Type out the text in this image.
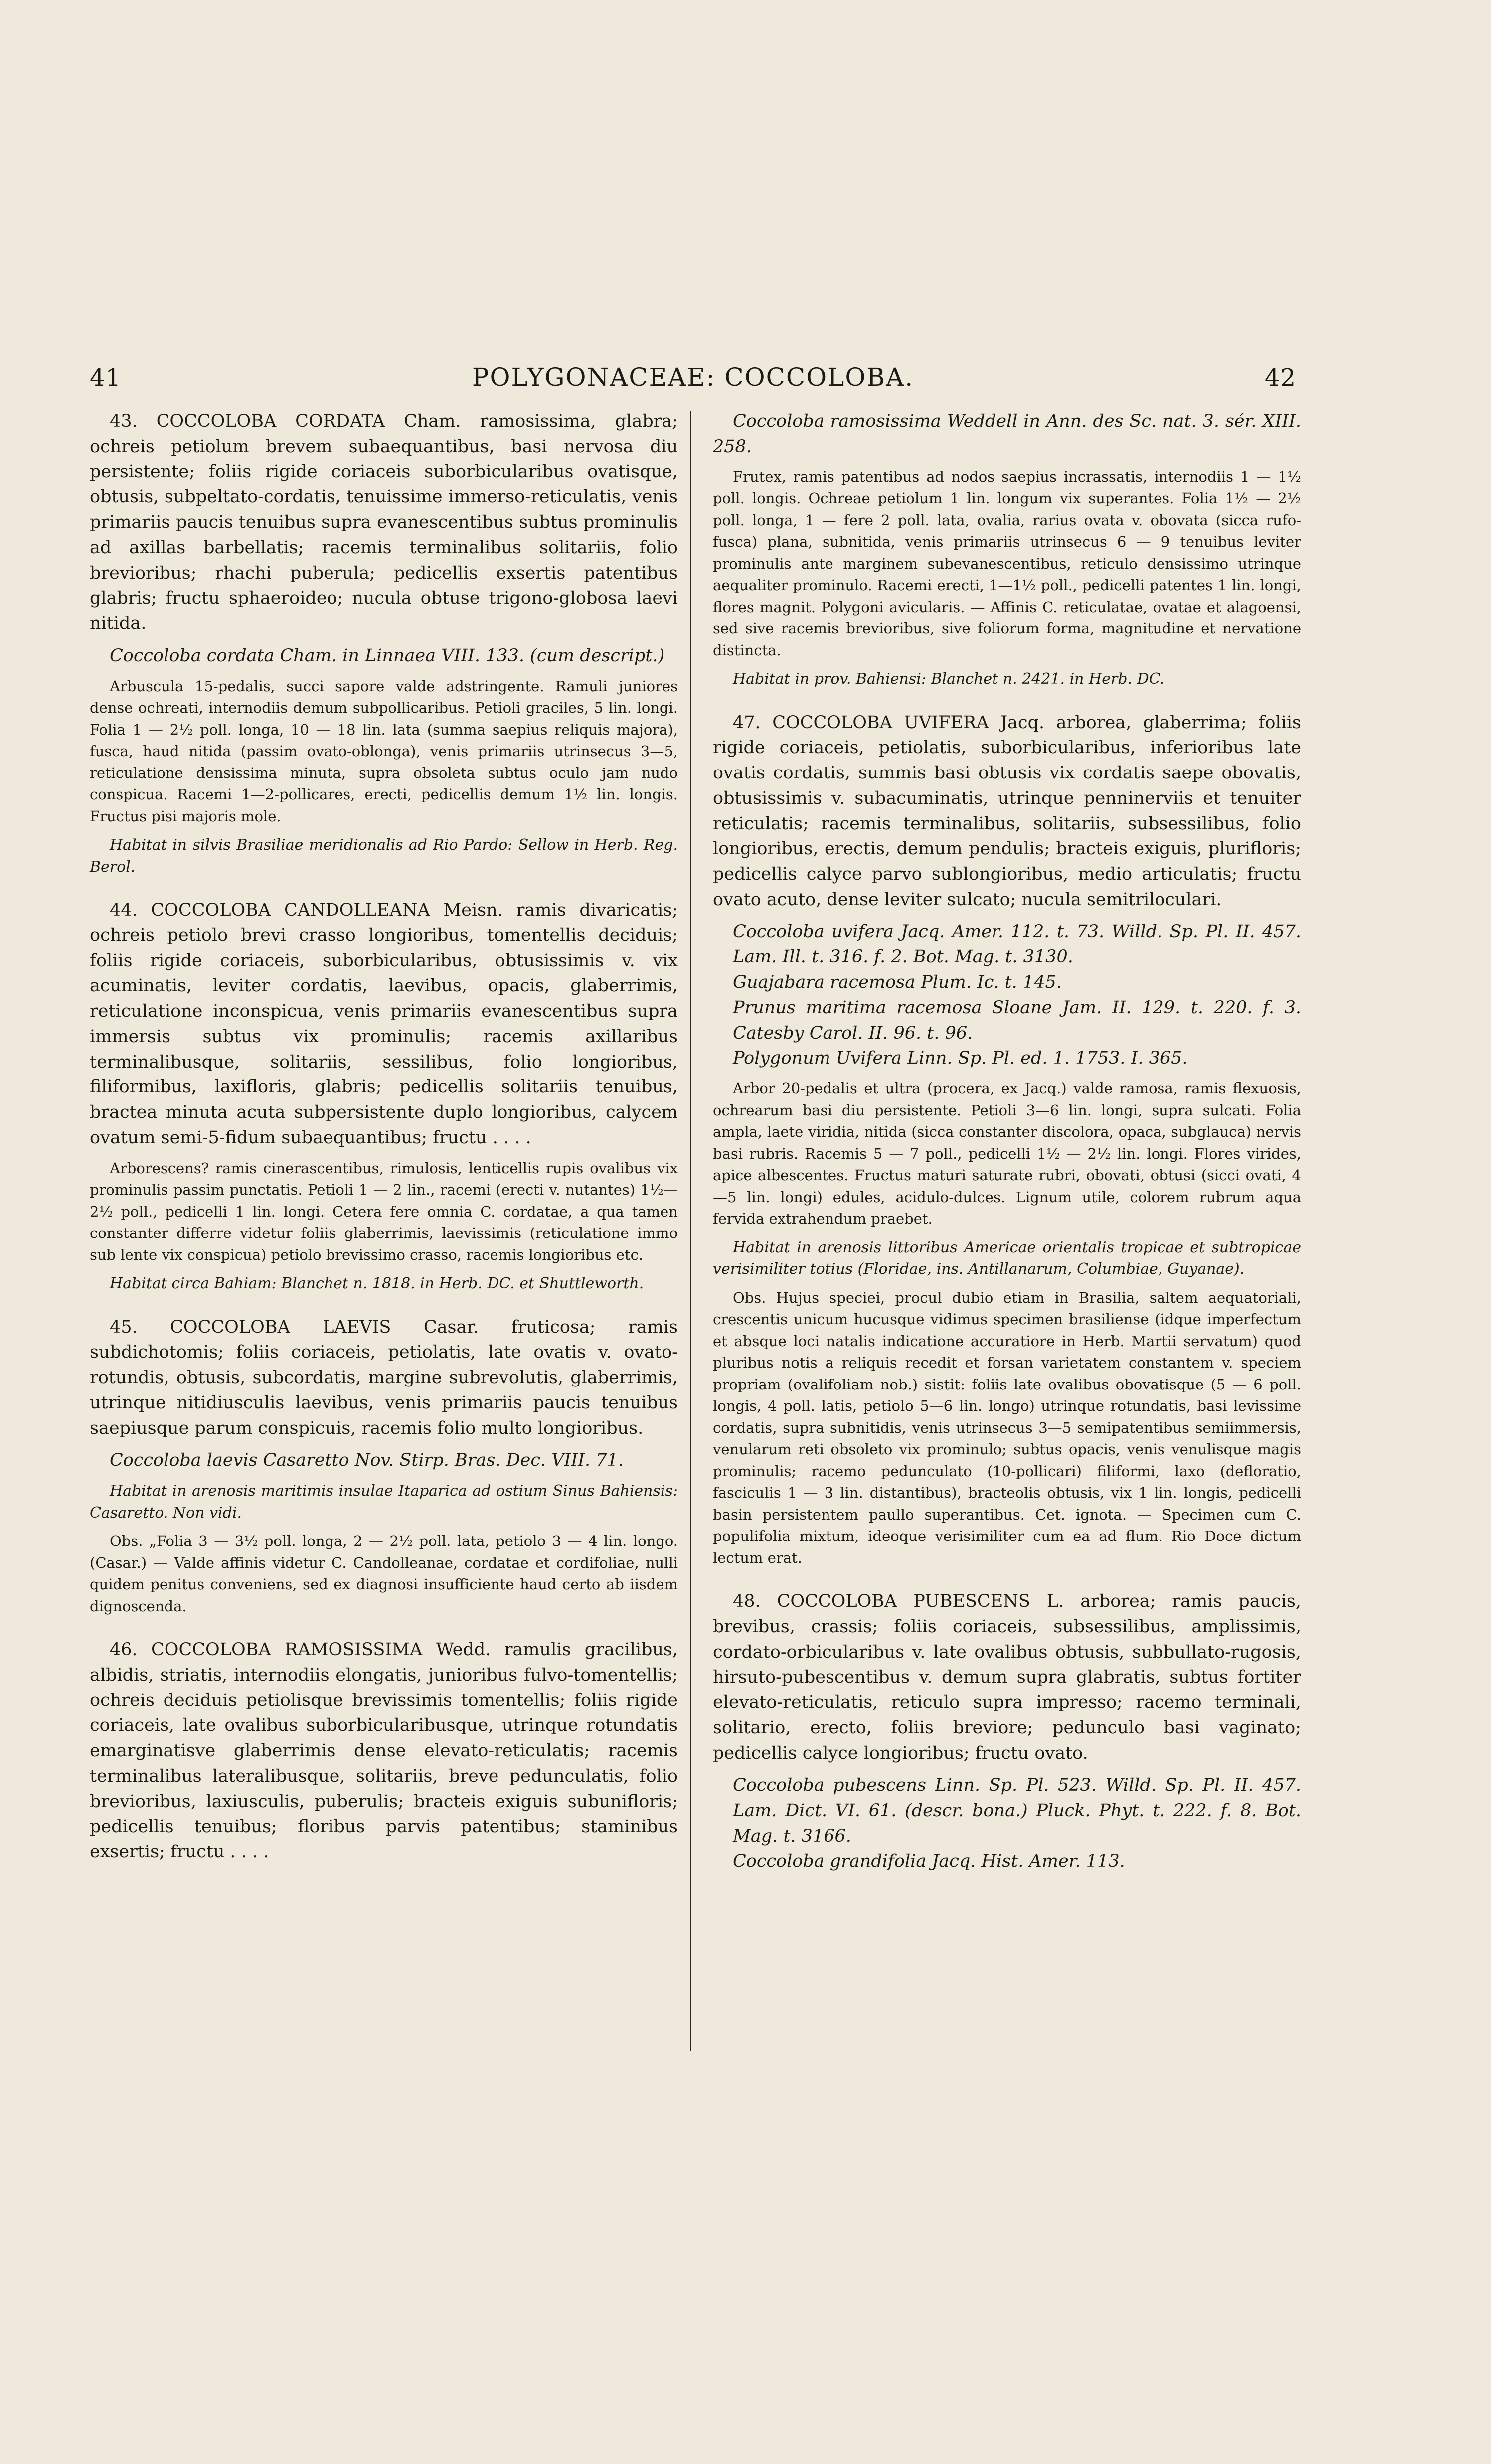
41	POLYGONACEAE: COCCOLOBA.	42

43. COCCOLOBA CORDATA Cham. ramosissima, glabra; ochreis petiolum brevem subaequantibus, basi nervosa diu persistente; foliis rigide coriaceis suborbicularibus ovatisque, obtusis, subpeltato-cordatis, tenuissime immerso-reticulatis, venis primariis paucis tenuibus supra evanescentibus subtus prominulis ad axillas barbellatis; racemis terminalibus solitariis, folio brevioribus; rhachi puberula; pedicellis exsertis patentibus glabris; fructu sphaeroideo; nucula obtuse trigono-globosa laevi nitida.

Coccoloba cordata Cham. in Linnaea VIII. 133. (cum descript.)

Arbuscula 15-pedalis, succi sapore valde adstringente. Ramuli juniores dense ochreati, internodiis demum subpollicaribus. Petioli graciles, 5 lin. longi. Folia 1 — 2½ poll. longa, 10 — 18 lin. lata (summa saepius reliquis majora), fusca, haud nitida (passim ovato-oblonga), venis primariis utrinsecus 3—5, reticulatione densissima minuta, supra obsoleta subtus oculo jam nudo conspicua. Racemi 1—2-pollicares, erecti, pedicellis demum 1½ lin. longis. Fructus pisi majoris mole.

Habitat in silvis Brasiliae meridionalis ad Rio Pardo: Sellow in Herb. Reg. Berol.

44. COCCOLOBA CANDOLLEANA Meisn. ramis divaricatis; ochreis petiolo brevi crasso longioribus, tomentellis deciduis; foliis rigide coriaceis, suborbicularibus, obtusissimis v. vix acuminatis, leviter cordatis, laevibus, opacis, glaberrimis, reticulatione inconspicua, venis primariis evanescentibus supra immersis subtus vix prominulis; racemis axillaribus terminalibusque, solitariis, sessilibus, folio longioribus, filiformibus, laxifloris, glabris; pedicellis solitariis tenuibus, bractea minuta acuta subpersistente duplo longioribus, calycem ovatum semi-5-fidum subaequantibus; fructu . . . .

Arborescens? ramis cinerascentibus, rimulosis, lenticellis rupis ovalibus vix prominulis passim punctatis. Petioli 1 — 2 lin., racemi (erecti v. nutantes) 1½—2½ poll., pedicelli 1 lin. longi. Cetera fere omnia C. cordatae, a qua tamen constanter differre videtur foliis glaberrimis, laevissimis (reticulatione immo sub lente vix conspicua) petiolo brevissimo crasso, racemis longioribus etc.

Habitat circa Bahiam: Blanchet n. 1818. in Herb. DC. et Shuttleworth.

45. COCCOLOBA LAEVIS Casar. fruticosa; ramis subdichotomis; foliis coriaceis, petiolatis, late ovatis v. ovato-rotundis, obtusis, subcordatis, margine subrevolutis, glaberrimis, utrinque nitidiusculis laevibus, venis primariis paucis tenuibus saepiusque parum conspicuis, racemis folio multo longioribus.

Coccoloba laevis Casaretto Nov. Stirp. Bras. Dec. VIII. 71.

Habitat in arenosis maritimis insulae Itaparica ad ostium Sinus Bahiensis: Casaretto. Non vidi.

Obs. „Folia 3 — 3½ poll. longa, 2 — 2½ poll. lata, petiolo 3 — 4 lin. longo. (Casar.) — Valde affinis videtur C. Candolleanae, cordatae et cordifoliae, nulli quidem penitus conveniens, sed ex diagnosi insufficiente haud certo ab iisdem dignoscenda.

46. COCCOLOBA RAMOSISSIMA Wedd. ramulis gracilibus, albidis, striatis, internodiis elongatis, junioribus fulvo-tomentellis; ochreis deciduis petiolisque brevissimis tomentellis; foliis rigide coriaceis, late ovalibus suborbicularibusque, utrinque rotundatis emarginatisve glaberrimis dense elevato-reticulatis; racemis terminalibus lateralibusque, solitariis, breve pedunculatis, folio brevioribus, laxiusculis, puberulis; bracteis exiguis subunifloris; pedicellis tenuibus; floribus parvis patentibus; staminibus exsertis; fructu . . . .

Coccoloba ramosissima Weddell in Ann. des Sc. nat. 3. sér. XIII. 258.

Frutex, ramis patentibus ad nodos saepius incrassatis, internodiis 1 — 1½ poll. longis. Ochreae petiolum 1 lin. longum vix superantes. Folia 1½ — 2½ poll. longa, 1 — fere 2 poll. lata, ovalia, rarius ovata v. obovata (sicca rufo-fusca) plana, subnitida, venis primariis utrinsecus 6 — 9 tenuibus leviter prominulis ante marginem subevanescentibus, reticulo densissimo utrinque aequaliter prominulo. Racemi erecti, 1—1½ poll., pedicelli patentes 1 lin. longi, flores magnit. Polygoni avicularis. — Affinis C. reticulatae, ovatae et alagoensi, sed sive racemis brevioribus, sive foliorum forma, magnitudine et nervatione distincta.

Habitat in prov. Bahiensi: Blanchet n. 2421. in Herb. DC.

47. COCCOLOBA UVIFERA Jacq. arborea, glaberrima; foliis rigide coriaceis, petiolatis, suborbicularibus, inferioribus late ovatis cordatis, summis basi obtusis vix cordatis saepe obovatis, obtusissimis v. subacuminatis, utrinque penninerviis et tenuiter reticulatis; racemis terminalibus, solitariis, subsessilibus, folio longioribus, erectis, demum pendulis; bracteis exiguis, plurifloris; pedicellis calyce parvo sublongioribus, medio articulatis; fructu ovato acuto, dense leviter sulcato; nucula semitriloculari.

Coccoloba uvifera Jacq. Amer. 112. t. 73. Willd. Sp. Pl. II. 457. Lam. Ill. t. 316. f. 2. Bot. Mag. t. 3130.

Guajabara racemosa Plum. Ic. t. 145.

Prunus maritima racemosa Sloane Jam. II. 129. t. 220. f. 3. Catesby Carol. II. 96. t. 96.

Polygonum Uvifera Linn. Sp. Pl. ed. 1. 1753. I. 365.

Arbor 20-pedalis et ultra (procera, ex Jacq.) valde ramosa, ramis flexuosis, ochrearum basi diu persistente. Petioli 3—6 lin. longi, supra sulcati. Folia ampla, laete viridia, nitida (sicca constanter discolora, opaca, subglauca) nervis basi rubris. Racemis 5 — 7 poll., pedicelli 1½ — 2½ lin. longi. Flores virides, apice albescentes. Fructus maturi saturate rubri, obovati, obtusi (sicci ovati, 4—5 lin. longi) edules, acidulo-dulces. Lignum utile, colorem rubrum aqua fervida extrahendum praebet.

Habitat in arenosis littoribus Americae orientalis tropicae et subtropicae verisimiliter totius (Floridae, ins. Antillanarum, Columbiae, Guyanae).

Obs. Hujus speciei, procul dubio etiam in Brasilia, saltem aequatoriali, crescentis unicum hucusque vidimus specimen brasiliense (idque imperfectum et absque loci natalis indicatione accuratiore in Herb. Martii servatum) quod pluribus notis a reliquis recedit et forsan varietatem constantem v. speciem propriam (ovalifoliam nob.) sistit: foliis late ovalibus obovatisque (5 — 6 poll. longis, 4 poll. latis, petiolo 5—6 lin. longo) utrinque rotundatis, basi levissime cordatis, supra subnitidis, venis utrinsecus 3—5 semipatentibus semiimmersis, venularum reti obsoleto vix prominulo; subtus opacis, venis venulisque magis prominulis; racemo pedunculato (10-pollicari) filiformi, laxo (defloratio, fasciculis 1 — 3 lin. distantibus), bracteolis obtusis, vix 1 lin. longis, pedicelli basin persistentem paullo superantibus. Cet. ignota. — Specimen cum C. populifolia mixtum, ideoque verisimiliter cum ea ad flum. Rio Doce dictum lectum erat.

48. COCCOLOBA PUBESCENS L. arborea; ramis paucis, brevibus, crassis; foliis coriaceis, subsessilibus, amplissimis, cordato-orbicularibus v. late ovalibus obtusis, subbullato-rugosis, hirsuto-pubescentibus v. demum supra glabratis, subtus fortiter elevato-reticulatis, reticulo supra impresso; racemo terminali, solitario, erecto, foliis breviore; pedunculo basi vaginato; pedicellis calyce longioribus; fructu ovato.

Coccoloba pubescens Linn. Sp. Pl. 523. Willd. Sp. Pl. II. 457. Lam. Dict. VI. 61. (descr. bona.) Pluck. Phyt. t. 222. f. 8. Bot. Mag. t. 3166.

Coccoloba grandifolia Jacq. Hist. Amer. 113.
